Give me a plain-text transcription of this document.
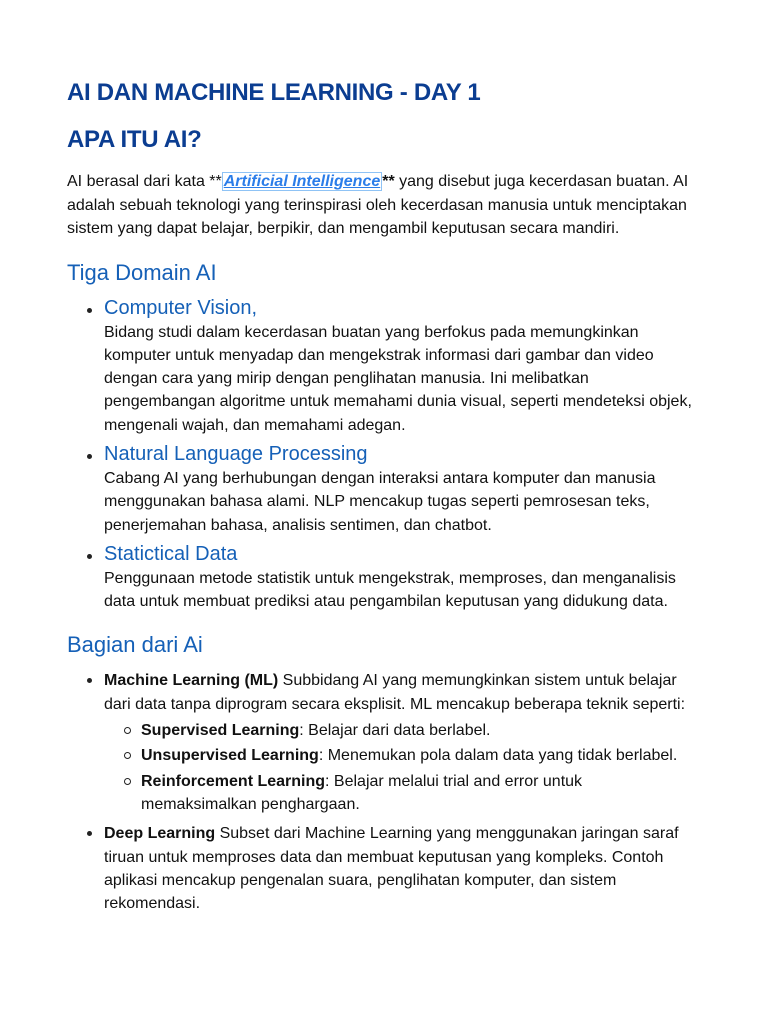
AI DAN MACHINE LEARNING - DAY 1
APA ITU AI?

AI berasal dari kata ** Artificial Intelligence ** yang disebut juga kecerdasan buatan. AI adalah sebuah teknologi yang terinspirasi oleh kecerdasan manusia untuk menciptakan sistem yang dapat belajar, berpikir, dan mengambil keputusan secara mandiri.

Tiga Domain AI
Computer Vision,
Bidang studi dalam kecerdasan buatan yang berfokus pada memungkinkan komputer untuk menyadap dan mengekstrak informasi dari gambar dan video dengan cara yang mirip dengan penglihatan manusia. Ini melibatkan pengembangan algoritme untuk memahami dunia visual, seperti mendeteksi objek, mengenali wajah, dan memahami adegan.
Natural Language Processing
Cabang AI yang berhubungan dengan interaksi antara komputer dan manusia menggunakan bahasa alami. NLP mencakup tugas seperti pemrosesan teks, penerjemahan bahasa, analisis sentimen, dan chatbot.
Statictical Data
Penggunaan metode statistik untuk mengekstrak, memproses, dan menganalisis data untuk membuat prediksi atau pengambilan keputusan yang didukung data.
Bagian dari Ai
Machine Learning (ML) Subbidang AI yang memungkinkan sistem untuk belajar dari data tanpa diprogram secara eksplisit. ML mencakup beberapa teknik seperti:
Supervised Learning: Belajar dari data berlabel.
Unsupervised Learning: Menemukan pola dalam data yang tidak berlabel.
Reinforcement Learning: Belajar melalui trial and error untuk memaksimalkan penghargaan.
Deep Learning Subset dari Machine Learning yang menggunakan jaringan saraf tiruan untuk memproses data dan membuat keputusan yang kompleks. Contoh aplikasi mencakup pengenalan suara, penglihatan komputer, dan sistem rekomendasi.
